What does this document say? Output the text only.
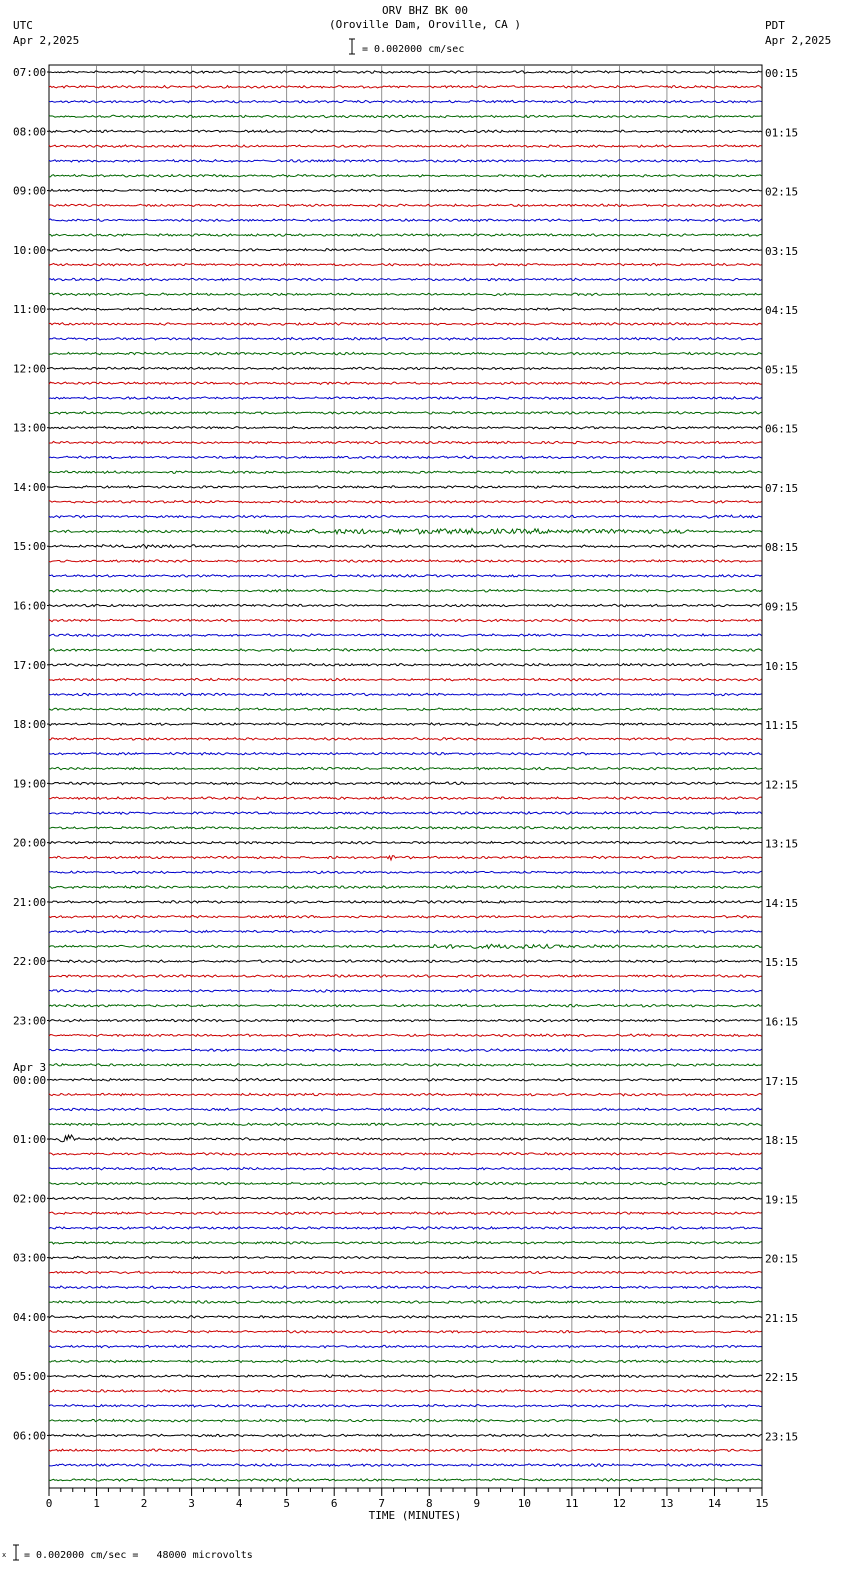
07:00
08:00
09:00
10:00
11:00
12:00
13:00
14:00
15:00
16:00
17:00
18:00
19:00
20:00
21:00
22:00
23:00
00:00
01:00
02:00
03:00
04:00
05:00
06:00
Apr 3
00:15
01:15
02:15
03:15
04:15
05:15
06:15
07:15
08:15
09:15
10:15
11:15
12:15
13:15
14:15
15:15
16:15
17:15
18:15
19:15
20:15
21:15
22:15
23:15
0	1	2	3	4	5	6	7	8	9	10	11	12	13	14	15
ORV BHZ BK 00
(Oroville Dam, Oroville, CA )
= 0.002000 cm/sec
UTC
Apr 2,2025
PDT
Apr 2,2025
TIME (MINUTES)
x = 0.002000 cm/sec =   48000 microvolts
